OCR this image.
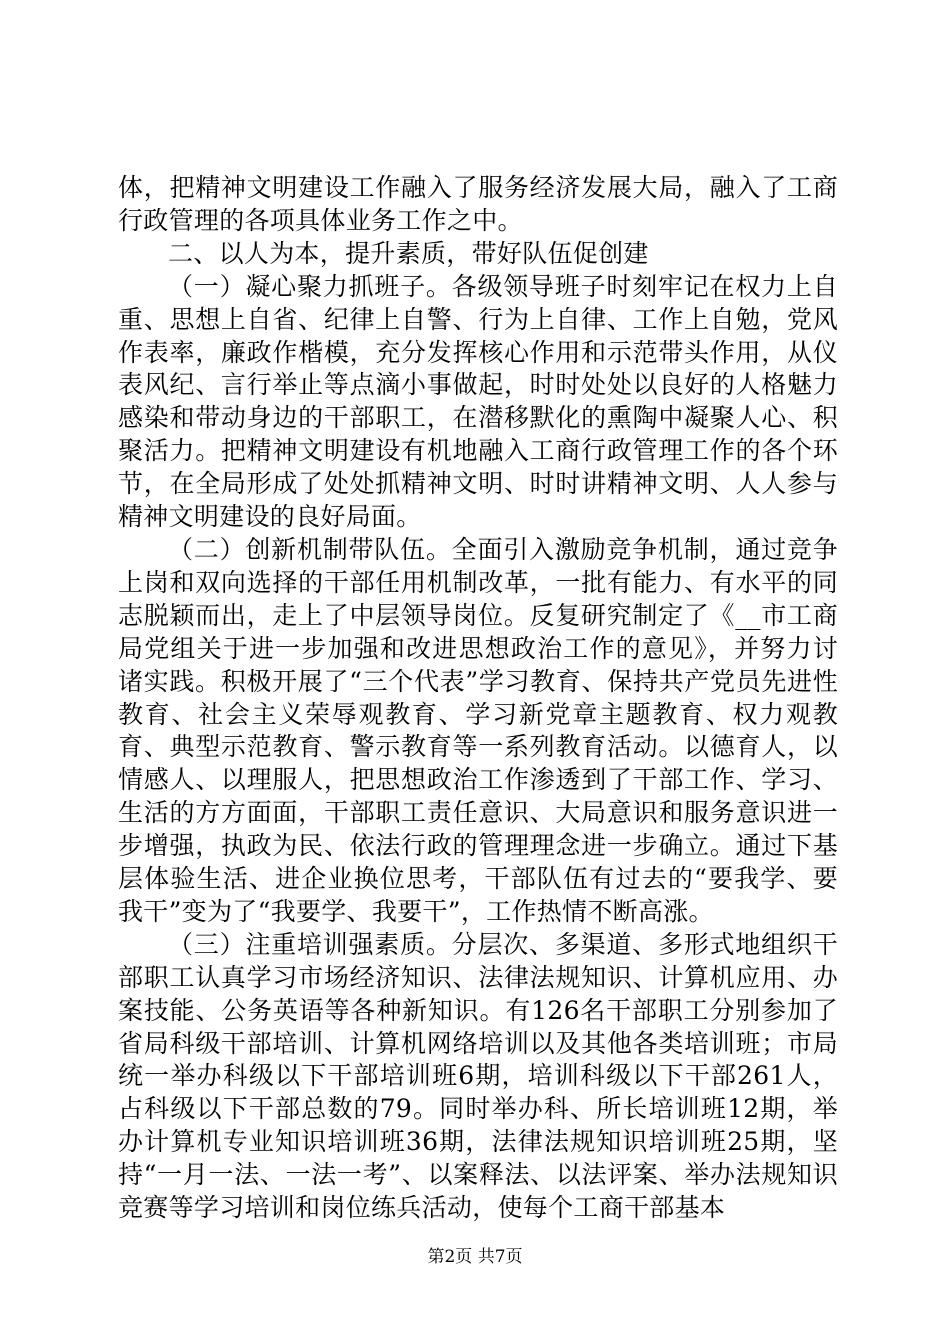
体，把精神文明建设工作融入了服务经济发展大局，融入了工商行政管理的各项具体业务工作之中。

二、以人为本，提升素质，带好队伍促创建

（一）凝心聚力抓班子。各级领导班子时刻牢记在权力上自重、思想上自省、纪律上自警、行为上自律、工作上自勉，党风作表率，廉政作楷模，充分发挥核心作用和示范带头作用，从仪表风纪、言行举止等点滴小事做起，时时处处以良好的人格魅力感染和带动身边的干部职工，在潜移默化的熏陶中凝聚人心、积聚活力。把精神文明建设有机地融入工商行政管理工作的各个环节，在全局形成了处处抓精神文明、时时讲精神文明、人人参与精神文明建设的良好局面。

（二）创新机制带队伍。全面引入激励竞争机制，通过竞争上岗和双向选择的干部任用机制改革，一批有能力、有水平的同志脱颖而出，走上了中层领导岗位。反复研究制定了《__市工商局党组关于进一步加强和改进思想政治工作的意见》，并努力讨诸实践。积极开展了“三个代表”学习教育、保持共产党员先进性教育、社会主义荣辱观教育、学习新党章主题教育、权力观教育、典型示范教育、警示教育等一系列教育活动。以德育人，以情感人、以理服人，把思想政治工作渗透到了干部工作、学习、生活的方方面面，干部职工责任意识、大局意识和服务意识进一步增强，执政为民、依法行政的管理理念进一步确立。通过下基层体验生活、进企业换位思考，干部队伍有过去的“要我学、要我干”变为了“我要学、我要干”，工作热情不断高涨。

（三）注重培训强素质。分层次、多渠道、多形式地组织干部职工认真学习市场经济知识、法律法规知识、计算机应用、办案技能、公务英语等各种新知识。有126名干部职工分别参加了省局科级干部培训、计算机网络培训以及其他各类培训班；市局统一举办科级以下干部培训班6期，培训科级以下干部261人，占科级以下干部总数的79。同时举办科、所长培训班12期，举办计算机专业知识培训班36期，法律法规知识培训班25期，坚持“一月一法、一法一考”、以案释法、以法评案、举办法规知识竞赛等学习培训和岗位练兵活动，使每个工商干部基本

第2页 共7页
